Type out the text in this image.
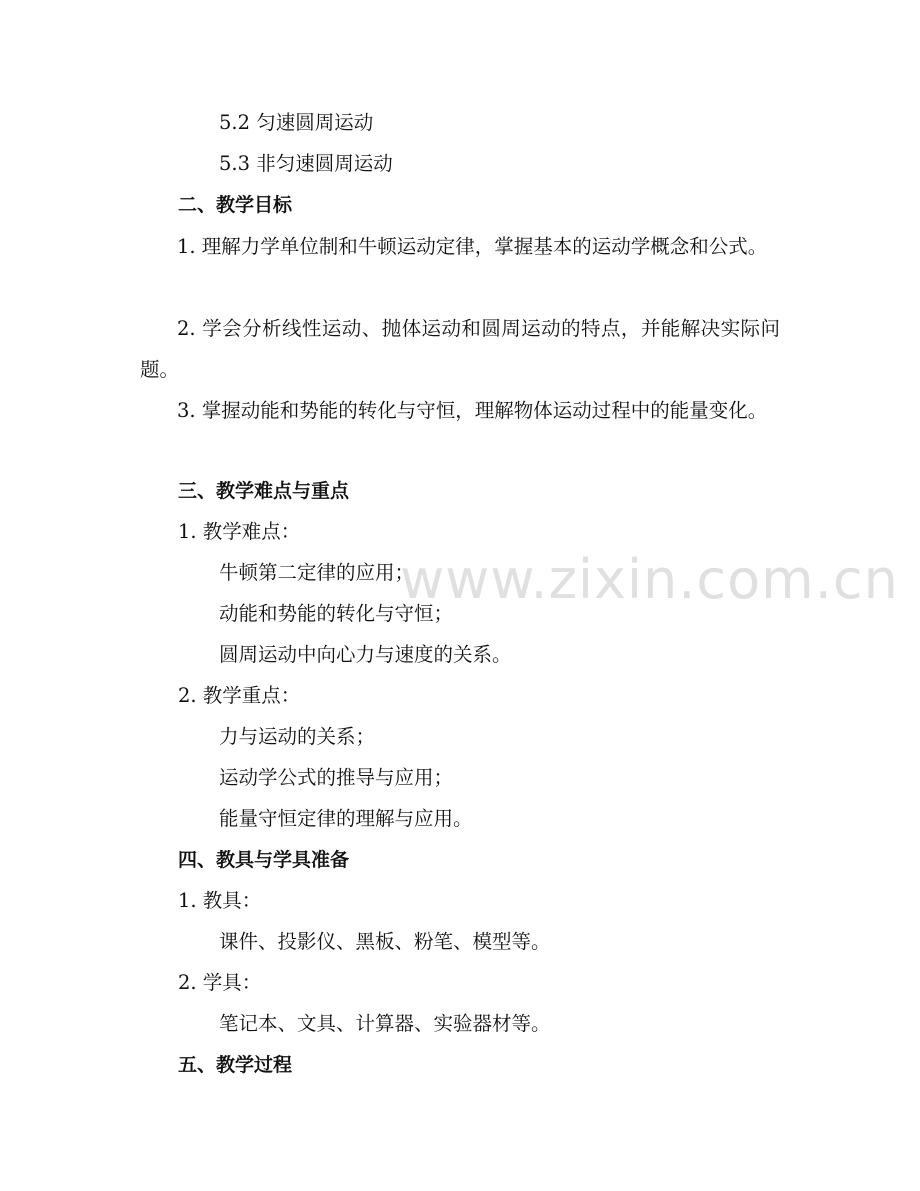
5.2 匀速圆周运动
5.3 非匀速圆周运动
二、教学目标
1. 理解力学单位制和牛顿运动定律，掌握基本的运动学概念和公式。
2. 学会分析线性运动、抛体运动和圆周运动的特点，并能解决实际问题。
3. 掌握动能和势能的转化与守恒，理解物体运动过程中的能量变化。
三、教学难点与重点
1. 教学难点：
牛顿第二定律的应用；
动能和势能的转化与守恒；
圆周运动中向心力与速度的关系。
2. 教学重点：
力与运动的关系；
运动学公式的推导与应用；
能量守恒定律的理解与应用。
四、教具与学具准备
1. 教具：
课件、投影仪、黑板、粉笔、模型等。
2. 学具：
笔记本、文具、计算器、实验器材等。
五、教学过程
www.zixin.com.cn
